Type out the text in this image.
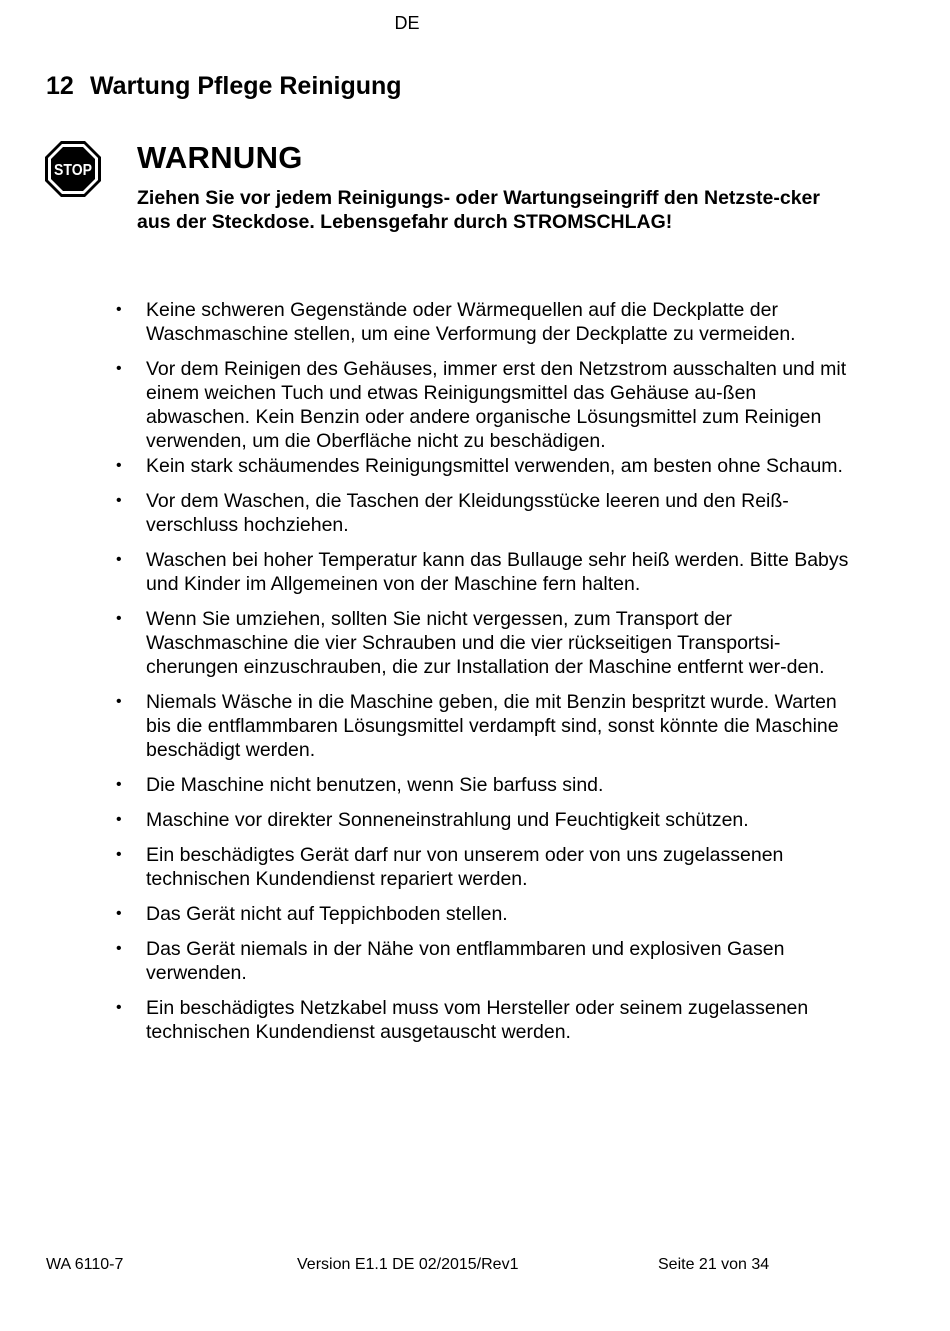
DE
12 Wartung Pflege Reinigung
STOP WARNUNG
Ziehen Sie vor jedem Reinigungs- oder Wartungseingriff den Netzste-cker aus der Steckdose. Lebensgefahr durch STROMSCHLAG!
• Keine schweren Gegenstände oder Wärmequellen auf die Deckplatte der Waschmaschine stellen, um eine Verformung der Deckplatte zu vermeiden.
• Vor dem Reinigen des Gehäuses, immer erst den Netzstrom ausschalten und mit einem weichen Tuch und etwas Reinigungsmittel das Gehäuse au-ßen abwaschen. Kein Benzin oder andere organische Lösungsmittel zum Reinigen verwenden, um die Oberfläche nicht zu beschädigen.
• Kein stark schäumendes Reinigungsmittel verwenden, am besten ohne Schaum.
• Vor dem Waschen, die Taschen der Kleidungsstücke leeren und den Reiß-verschluss hochziehen.
• Waschen bei hoher Temperatur kann das Bullauge sehr heiß werden. Bitte Babys und Kinder im Allgemeinen von der Maschine fern halten.
• Wenn Sie umziehen, sollten Sie nicht vergessen, zum Transport der Waschmaschine die vier Schrauben und die vier rückseitigen Transportsi-cherungen einzuschrauben, die zur Installation der Maschine entfernt wer-den.
• Niemals Wäsche in die Maschine geben, die mit Benzin bespritzt wurde. Warten bis die entflammbaren Lösungsmittel verdampft sind, sonst könnte die Maschine beschädigt werden.
• Die Maschine nicht benutzen, wenn Sie barfuss sind.
• Maschine vor direkter Sonneneinstrahlung und Feuchtigkeit schützen.
• Ein beschädigtes Gerät darf nur von unserem oder von uns zugelassenen technischen Kundendienst repariert werden.
• Das Gerät nicht auf Teppichboden stellen.
• Das Gerät niemals in der Nähe von entflammbaren und explosiven Gasen verwenden.
• Ein beschädigtes Netzkabel muss vom Hersteller oder seinem zugelassenen technischen Kundendienst ausgetauscht werden.
WA 6110-7	Version E1.1 DE 02/2015/Rev1	Seite 21 von 34
